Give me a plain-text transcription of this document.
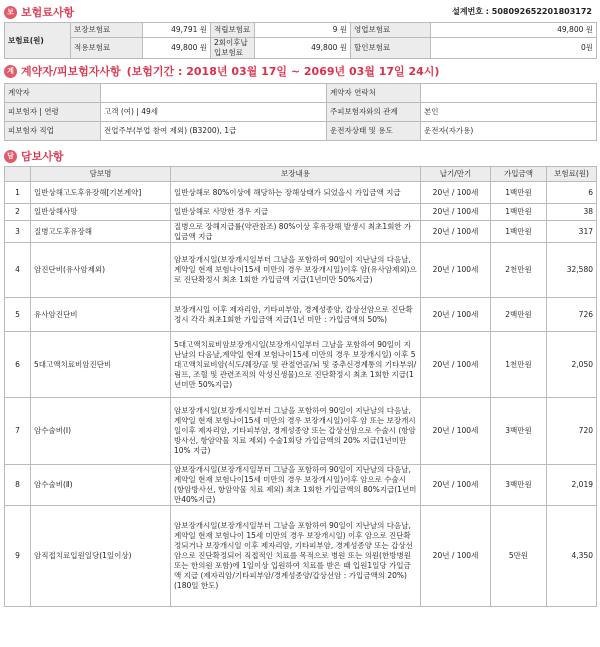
보 보험료사항	설계번호 : 508092652201803172
보험료(원)	보장보험료	49,791 원	적립보험료	9 원	영업보험료	49,800 원
	적용보험료	49,800 원	2회이후납입보험료	49,800 원	할인보험료	0원
계 계약자/피보험자사항 (보험기간 : 2018년 03월 17일 ~ 2069년 03월 17일 24시)
계약자		계약자 연락처	
피보험자 | 연령	고객 (여) | 49세	주피보험자와의 관계	본인
피보험자 직업	전업주부(부업 참여 제외) (B3200), 1급	운전자상태 및 용도	운전자(자가용)
담 담보사항
	담보명	보장내용	납기/만기	가입금액	보험료(원)
1	일반상해고도후유장해[기본계약]	일반상해로 80%이상에 해당하는 장해상태가 되었을시 가입금액 지급	20년 / 100세	1백만원	6
2	일반상해사망	일반상해로 사망한 경우 지급	20년 / 100세	1백만원	38
3	질병고도후유장해	질병으로 장해지급률(약관참조) 80%이상 후유장해 발생시 최초1회한 가입금액 지급	20년 / 100세	1백만원	317
4	암진단비(유사암제외)	암보장개시일(보장개시일부터 그날을 포함하여 90일이 지난날의 다음날, 계약일 현재 보험나이15세 미만의 경우 보장개시일)이후 암(유사암제외)으로 진단확정시 최초 1회한 가입금액 지급(1년미만 50%지급)	20년 / 100세	2천만원	32,580
5	유사암진단비	보장개시일 이후 제자리암, 기타피부암, 경계성종양, 갑상선암으로 진단확정시 각각 최초1회한 가입금액 지급(1년 미만 : 가입금액의 50%)	20년 / 100세	2백만원	726
6	5대고액치료비암진단비	5대고액치료비암보장개시일(보장개시일부터 그날을 포함하여 90일이 지난날의 다음날,계약일 현재 보험나이15세 미만의 경우 보장개시일) 이후 5대고액치료비암(식도/췌장/골 및 관절연골/뇌 및 중추신경계통의 기타부위/림프, 조혈 및 관련조직의 악성신생물)으로 진단확정시 최초 1회한 지급(1년미만 50%지급)	20년 / 100세	1천만원	2,050
7	암수술비(Ⅰ)	암보장개시일(보장개시일부터 그날을 포함하여 90일이 지난날의 다음날, 계약일 현재 보험나이15세 미만의 경우 보장개시일)이후 암 또는 보장개시일이후 제자리암, 기타피부암, 경계성종양 또는 갑상선암으로 수술시 (항암방사선, 항암약물 치료 제외) 수술1회당 가입금액의 20% 지급(1년미만 10% 지급)	20년 / 100세	3백만원	720
8	암수술비(Ⅱ)	암보장개시일(보장개시일부터 그날을 포함하여 90일이 지난날의 다음날, 계약일 현재 보험나이15세 미만의 경우 보장개시일)이후 암으로 수술시 (항암방사선, 항암약물 치료 제외) 최초 1회한 가입금액의 80%지급(1년미만40%지급)	20년 / 100세	3백만원	2,019
9	암직접치료입원일당(1일이상)	암보장개시일(보장개시일부터 그날을 포함하여 90일이 지난날의 다음날,계약일 현재 보험나이 15세 미만의 경우 보장개시일) 이후 암으로 진단확정되거나 보장개시일 이후 제자리암, 기타피부암, 경계성종양 또는 갑상선암으로 진단확정되어 직접적인 치료를 목적으로 병원 또는 의원(한방병원 또는 한의원 포함)에 1일이상 입원하여 치료를 받은 때 입원1일당 가입금액 지급 (제자리암/기타피부암/경계성종양/갑상선암 : 가입금액의 20%)(180일 한도)	20년 / 100세	5만원	4,350
